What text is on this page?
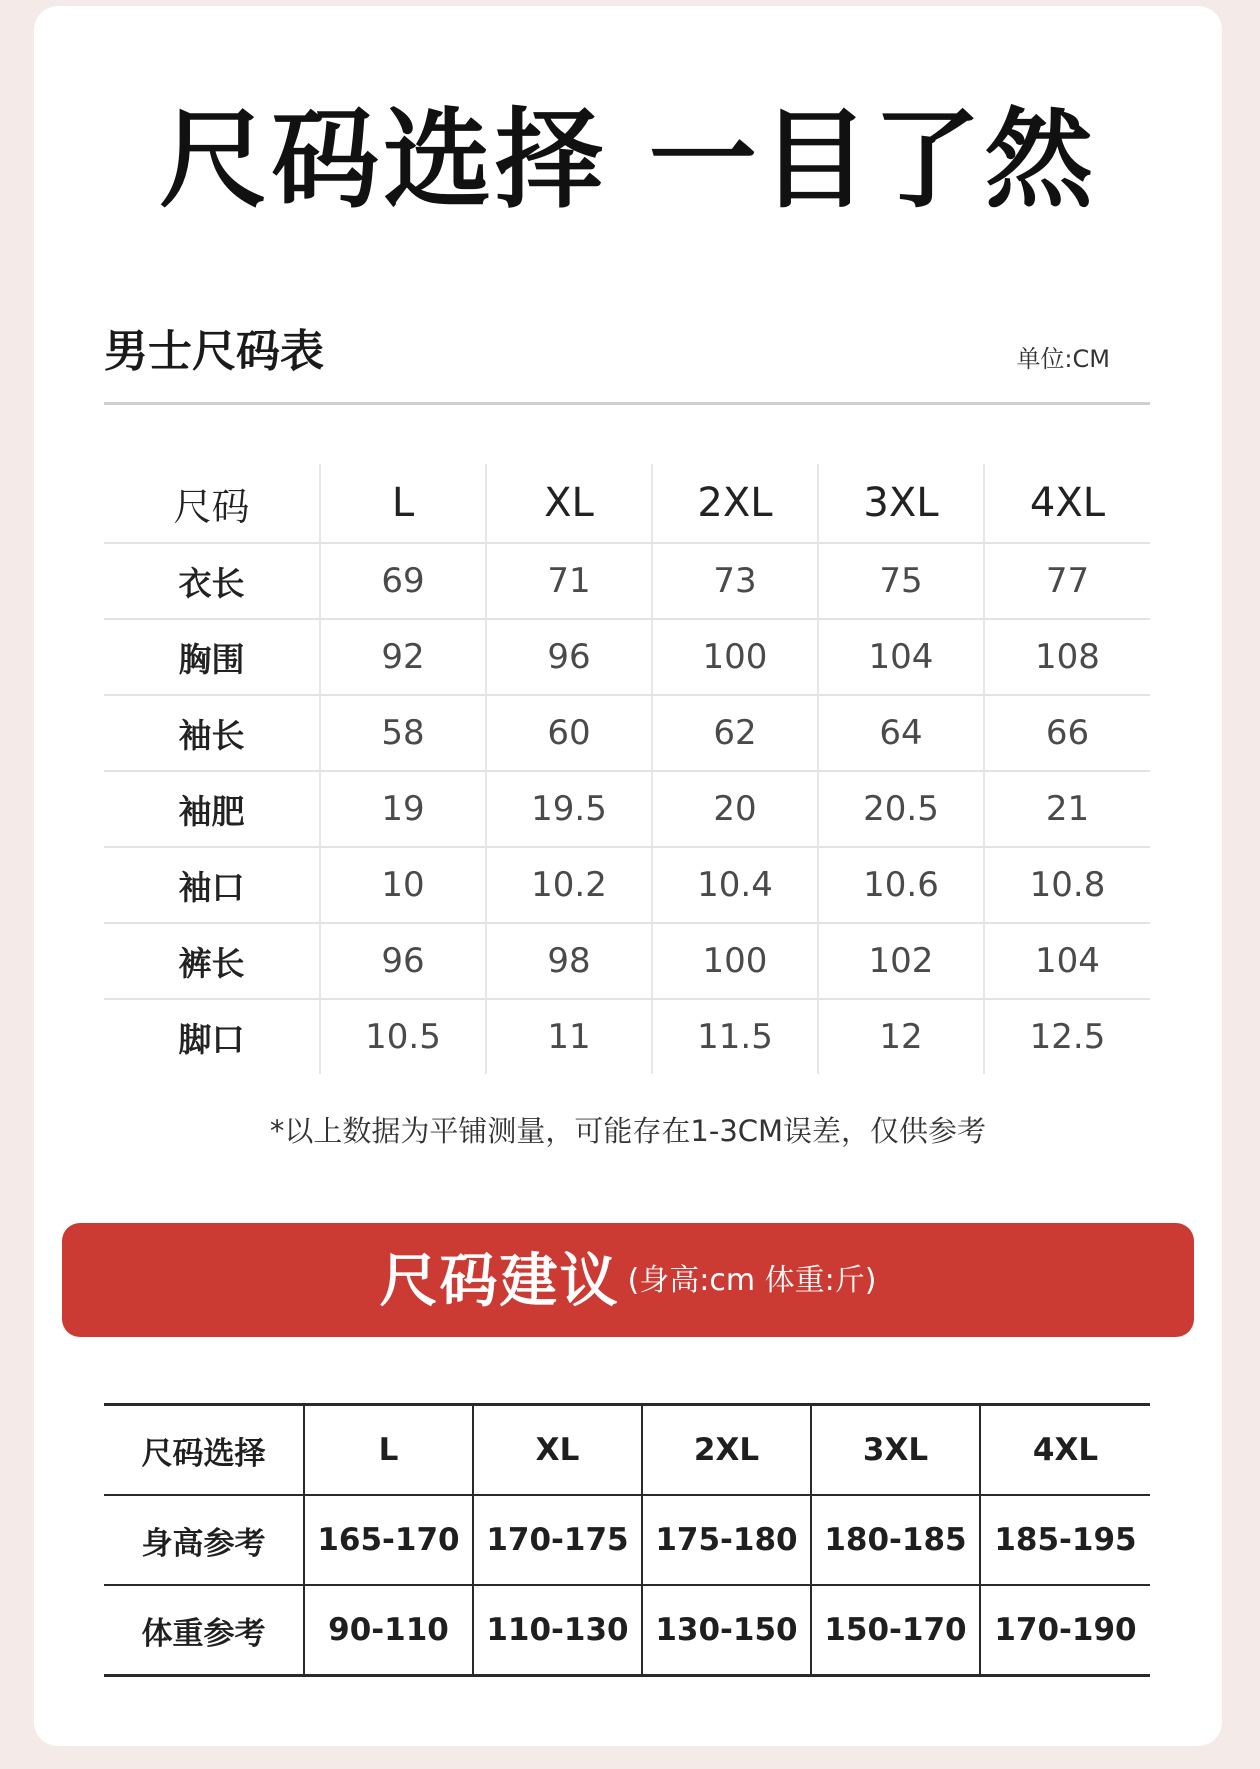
尺码选择 一目了然
男士尺码表	单位:CM
尺码	L	XL	2XL	3XL	4XL
衣长	69	71	73	75	77
胸围	92	96	100	104	108
袖长	58	60	62	64	66
袖肥	19	19.5	20	20.5	21
袖口	10	10.2	10.4	10.6	10.8
裤长	96	98	100	102	104
脚口	10.5	11	11.5	12	12.5
*以上数据为平铺测量，可能存在1-3CM误差，仅供参考
尺码建议 (身高:cm 体重:斤)
尺码选择	L	XL	2XL	3XL	4XL
身高参考	165-170	170-175	175-180	180-185	185-195
体重参考	90-110	110-130	130-150	150-170	170-190
